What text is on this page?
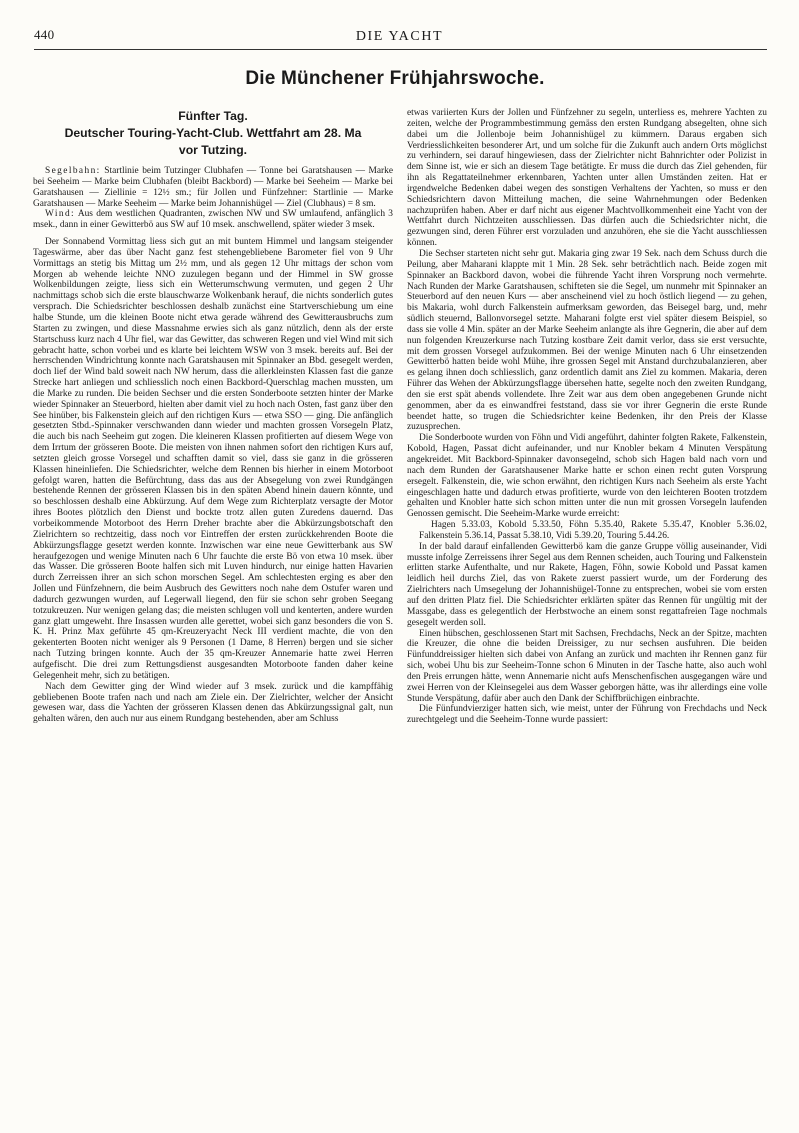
440	DIE YACHT
Die Münchener Frühjahrswoche.
Fünfter Tag.
Deutscher Touring-Yacht-Club. Wettfahrt am 28. Ma
vor Tutzing.

Segelbahn: Startlinie beim Tutzinger Clubhafen — Tonne bei Garatshausen — Marke bei Seeheim — Marke beim Clubhafen (bleibt Backbord) — Marke bei Seeheim — Marke bei Garatshausen — Ziellinie = 12½ sm.; für Jollen und Fünfzehner: Startlinie — Marke Garatshausen — Marke Seeheim — Marke beim Johannishügel — Ziel (Clubhaus) = 8 sm.

Wind: Aus dem westlichen Quadranten, zwischen NW und SW umlaufend, anfänglich 3 msek., dann in einer Gewitterbö aus SW auf 10 msek. anschwellend, später wieder 3 msek.

Der Sonnabend Vormittag liess sich gut an mit buntem Himmel und langsam steigender Tageswärme, aber das über Nacht ganz fest stehengebliebene Barometer fiel von 9 Uhr Vormittags an stetig bis Mittag um 2½ mm, und als gegen 12 Uhr mittags der schon vom Morgen ab wehende leichte NNO zuzulegen begann und der Himmel in SW grosse Wolkenbildungen zeigte, liess sich ein Wetterumschwung vermuten, und gegen 2 Uhr nachmittags schob sich die erste blauschwarze Wolkenbank herauf, die nichts sonderlich gutes versprach. Die Schiedsrichter beschlossen deshalb zunächst eine Startverschiebung um eine halbe Stunde, um die kleinen Boote nicht etwa gerade während des Gewitterausbruchs zum Starten zu zwingen, und diese Massnahme erwies sich als ganz nützlich, denn als der erste Startschuss kurz nach 4 Uhr fiel, war das Gewitter, das schweren Regen und viel Wind mit sich gebracht hatte, schon vorbei und es klarte bei leichtem WSW von 3 msek. bereits auf. Bei der herrschenden Windrichtung konnte nach Garatshausen mit Spinnaker an Bbd. gesegelt werden, doch lief der Wind bald soweit nach NW herum, dass die allerkleinsten Klassen fast die ganze Strecke hart anliegen und schliesslich noch einen Backbord-Querschlag machen mussten, um die Marke zu runden. Die beiden Sechser und die ersten Sonderboote setzten hinter der Marke wieder Spinnaker an Steuerbord, hielten aber damit viel zu hoch nach Osten, fast ganz über den See hinüber, bis Falkenstein gleich auf den richtigen Kurs — etwa SSO — ging. Die anfänglich gesetzten Stbd.-Spinnaker verschwanden dann wieder und machten grossen Vorsegeln Platz, die auch bis nach Seeheim gut zogen. Die kleineren Klassen profitierten auf diesem Wege von dem Irrtum der grösseren Boote. Die meisten von ihnen nahmen sofort den richtigen Kurs auf, setzten gleich grosse Vorsegel und schafften damit so viel, dass sie ganz in die grösseren Klassen hineinliefen. Die Schiedsrichter, welche dem Rennen bis hierher in einem Motorboot gefolgt waren, hatten die Befürchtung, dass das aus der Absegelung von zwei Rundgängen bestehende Rennen der grösseren Klassen bis in den späten Abend hinein dauern könnte, und so beschlossen deshalb eine Abkürzung. Auf dem Wege zum Richterplatz versagte der Motor ihres Bootes plötzlich den Dienst und bockte trotz allen guten Zuredens dauernd. Das vorbeikommende Motorboot des Herrn Dreher brachte aber die Abkürzungsbotschaft den Zielrichtern so rechtzeitig, dass noch vor Eintreffen der ersten zurückkehrenden Boote die Abkürzungsflagge gesetzt werden konnte. Inzwischen war eine neue Gewitterbank aus SW heraufgezogen und wenige Minuten nach 6 Uhr fauchte die erste Bö von etwa 10 msek. über das Wasser. Die grösseren Boote halfen sich mit Luven hindurch, nur einige hatten Havarien durch Zerreissen ihrer an sich schon morschen Segel. Am schlechtesten erging es aber den Jollen und Fünfzehnern, die beim Ausbruch des Gewitters noch nahe dem Ostufer waren und dadurch gezwungen wurden, auf Legerwall liegend, den für sie schon sehr groben Seegang totzukreuzen. Nur wenigen gelang das; die meisten schlugen voll und kenterten, andere wurden ganz glatt umgeweht. Ihre Insassen wurden alle gerettet, wobei sich ganz besonders die von S. K. H. Prinz Max geführte 45 qm-Kreuzeryacht Neck III verdient machte, die von den gekenterten Booten nicht weniger als 9 Personen (1 Dame, 8 Herren) bergen und sie sicher nach Tutzing bringen konnte. Auch der 35 qm-Kreuzer Annemarie hatte zwei Herren aufgefischt. Die drei zum Rettungsdienst ausgesandten Motorboote fanden daher keine Gelegenheit mehr, sich zu betätigen.

Nach dem Gewitter ging der Wind wieder auf 3 msek. zurück und die kampffähig gebliebenen Boote trafen nach und nach am Ziele ein. Der Zielrichter, welcher der Ansicht gewesen war, dass die Yachten der grösseren Klassen denen das Abkürzungssignal galt, nun gehalten wären, den auch nur aus einem Rundgang bestehenden, aber am Schluss

etwas variierten Kurs der Jollen und Fünfzehner zu segeln, unterliess es, mehrere Yachten zu zeiten, welche der Programmbestimmung gemäss den ersten Rundgang absegelten, ohne sich dabei um die Jollenboje beim Johannishügel zu kümmern. Daraus ergaben sich Verdriesslichkeiten besonderer Art, und um solche für die Zukunft auch andern Orts möglichst zu verhindern, sei darauf hingewiesen, dass der Zielrichter nicht Bahnrichter oder Polizist in dem Sinne ist, wie er sich an diesem Tage betätigte. Er muss die durch das Ziel gehenden, für ihn als Regattateilnehmer erkennbaren, Yachten unter allen Umständen zeiten. Hat er irgendwelche Bedenken dabei wegen des sonstigen Verhaltens der Yachten, so muss er den Schiedsrichtern davon Mitteilung machen, die seine Wahrnehmungen oder Bedenken nachzuprüfen haben. Aber er darf nicht aus eigener Machtvollkommenheit eine Yacht von der Wettfahrt durch Nichtzeiten ausschliessen. Das dürfen auch die Schiedsrichter nicht, die gezwungen sind, deren Führer erst vorzuladen und anzuhören, ehe sie die Yacht ausschliessen können.

Die Sechser starteten nicht sehr gut. Makaria ging zwar 19 Sek. nach dem Schuss durch die Peilung, aber Maharani klappte mit 1 Min. 28 Sek. sehr beträchtlich nach. Beide zogen mit Spinnaker an Backbord davon, wobei die führende Yacht ihren Vorsprung noch vermehrte. Nach Runden der Marke Garatshausen, schifteten sie die Segel, um nunmehr mit Spinnaker an Steuerbord auf den neuen Kurs — aber anscheinend viel zu hoch östlich liegend — zu gehen, bis Makaria, wohl durch Falkenstein aufmerksam geworden, das Beisegel barg, und, mehr südlich steuernd, Ballonvorsegel setzte. Maharani folgte erst viel später diesem Beispiel, so dass sie volle 4 Min. später an der Marke Seeheim anlangte als ihre Gegnerin, die aber auf dem nun folgenden Kreuzerkurse nach Tutzing kostbare Zeit damit verlor, dass sie erst versuchte, mit dem grossen Vorsegel aufzukommen. Bei der wenige Minuten nach 6 Uhr einsetzenden Gewitterbö hatten beide wohl Mühe, ihre grossen Segel mit Anstand durchzubalanzieren, aber es gelang ihnen doch schliesslich, ganz ordentlich damit ans Ziel zu kommen. Makaria, deren Führer das Wehen der Abkürzungsflagge übersehen hatte, segelte noch den zweiten Rundgang, den sie erst spät abends vollendete. Ihre Zeit war aus dem oben angegebenen Grunde nicht genommen, aber da es einwandfrei feststand, dass sie vor ihrer Gegnerin die erste Runde beendet hatte, so trugen die Schiedsrichter keine Bedenken, ihr den Preis der Klasse zuzusprechen.

Die Sonderboote wurden von Föhn und Vidi angeführt, dahinter folgten Rakete, Falkenstein, Kobold, Hagen, Passat dicht aufeinander, und nur Knobler bekam 4 Minuten Verspätung angekreidet. Mit Backbord-Spinnaker davonsegelnd, schob sich Hagen bald nach vorn und nach dem Runden der Garatshausener Marke hatte er schon einen recht guten Vorsprung ersegelt. Falkenstein, die, wie schon erwähnt, den richtigen Kurs nach Seeheim als erste Yacht eingeschlagen hatte und dadurch etwas profitierte, wurde von den leichteren Booten trotzdem gehalten und Knobler hatte sich schon mitten unter die nun mit grossen Vorsegeln laufenden Genossen gemischt. Die Seeheim-Marke wurde erreicht:

Hagen 5.33.03, Kobold 5.33.50, Föhn 5.35.40, Rakete 5.35.47, Knobler 5.36.02, Falkenstein 5.36.14, Passat 5.38.10, Vidi 5.39.20, Touring 5.44.26.

In der bald darauf einfallenden Gewitterbö kam die ganze Gruppe völlig auseinander, Vidi musste infolge Zerreissens ihrer Segel aus dem Rennen scheiden, auch Touring und Falkenstein erlitten starke Aufenthalte, und nur Rakete, Hagen, Föhn, sowie Kobold und Passat kamen leidlich heil durchs Ziel, das von Rakete zuerst passiert wurde, um der Forderung des Zielrichters nach Umsegelung der Johannishügel-Tonne zu entsprechen, wobei sie vom ersten auf den dritten Platz fiel. Die Schiedsrichter erklärten später das Rennen für ungültig mit der Massgabe, dass es gelegentlich der Herbstwoche an einem sonst regattafreien Tage nochmals gesegelt werden soll.

Einen hübschen, geschlossenen Start mit Sachsen, Frechdachs, Neck an der Spitze, machten die Kreuzer, die ohne die beiden Dreissiger, zu nur sechsen ausfuhren. Die beiden Fünfunddreissiger hielten sich dabei von Anfang an zurück und machten ihr Rennen ganz für sich, wobei Uhu bis zur Seeheim-Tonne schon 6 Minuten in der Tasche hatte, also auch wohl den Preis errungen hätte, wenn Annemarie nicht aufs Menschenfischen ausgegangen wäre und zwei Herren von der Kleinsegelei aus dem Wasser geborgen hätte, was ihr allerdings eine volle Stunde Verspätung, dafür aber auch den Dank der Schiffbrüchigen einbrachte.

Die Fünfundvierziger hatten sich, wie meist, unter der Führung von Frechdachs und Neck zurechtgelegt und die Seeheim-Tonne wurde passiert:
